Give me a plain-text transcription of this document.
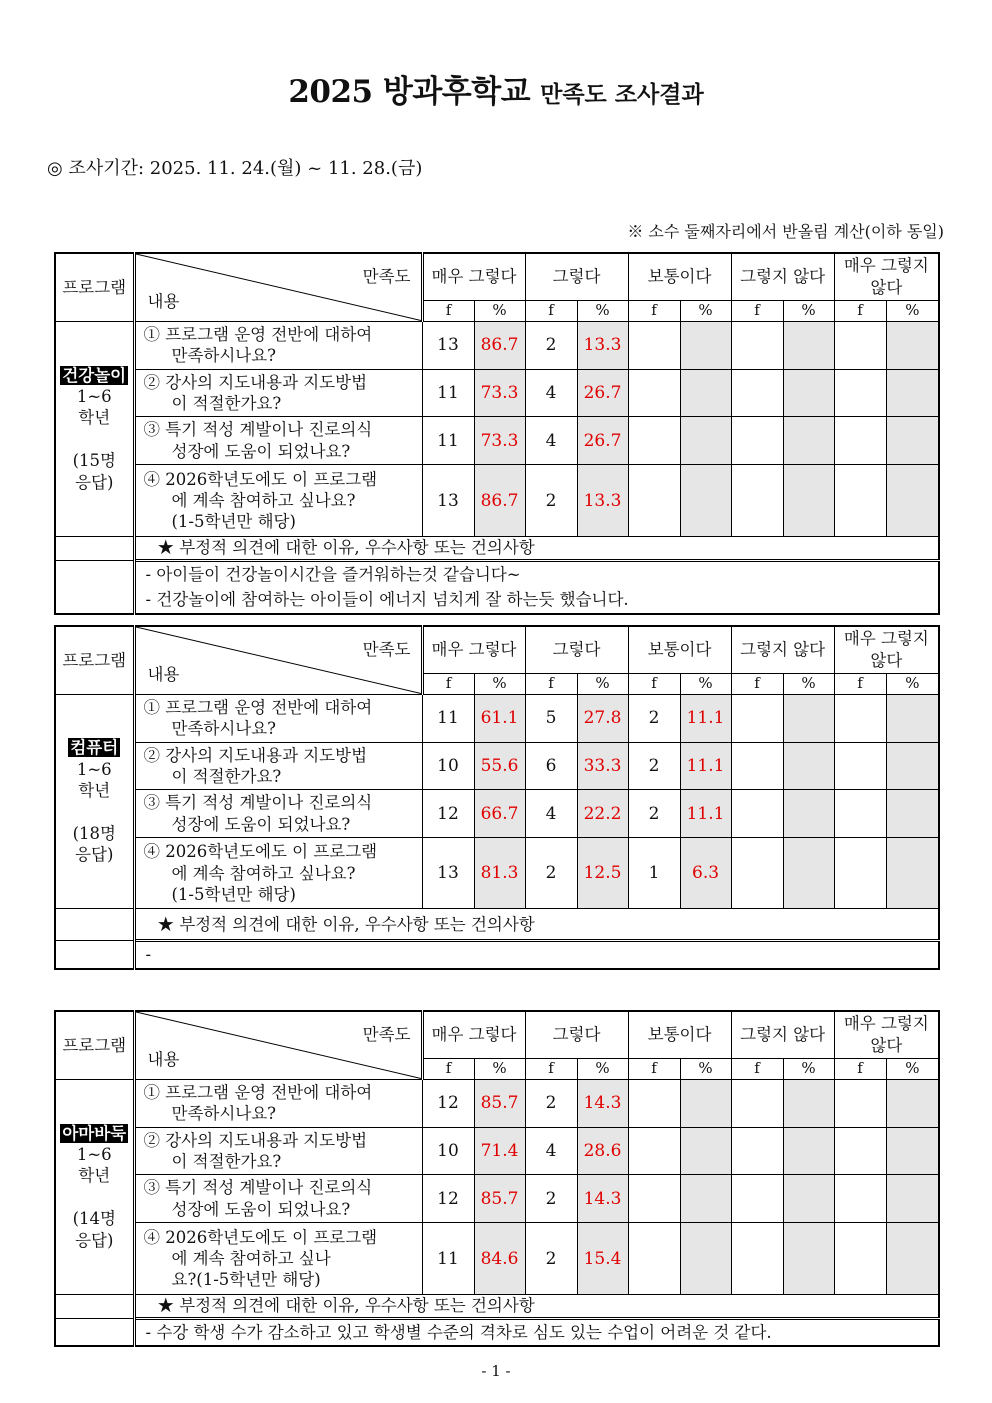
2025 방과후학교 만족도 조사결과
◎ 조사기간: 2025. 11. 24.(월) ~ 11. 28.(금)
※ 소수 둘째자리에서 반올림 계산(이하 동일)
프로그램	만족도
내용	매우 그렇다		그렇다		보통이다		그렇지 않다		매우 그렇지 않다	
		f	%	f	%	f	%	f	%	f	%
건강놀이
1~6
학년

(15명
응답)	① 프로그램 운영 전반에 대하여
만족하시나요?	13	86.7	2	13.3						

	② 강사의 지도내용과 지도방법
이 적절한가요?	11	73.3	4	26.7						

	③ 특기 적성 계발이나 진로의식
성장에 도움이 되었나요?	11	73.3	4	26.7						

	④ 2026학년도에도 이 프로그램
에 계속 참여하고 싶나요?
(1-5학년만 해당)	13	86.7	2	13.3						
	★ 부정적 의견에 대한 이유, 우수사항 또는 건의사항										

	- 아이들이 건강놀이시간을 즐거워하는것 같습니다~
- 건강놀이에 참여하는 아이들이 에너지 넘치게 잘 하는듯 했습니다.										
프로그램	만족도
내용	매우 그렇다		그렇다		보통이다		그렇지 않다		매우 그렇지 않다	
		f	%	f	%	f	%	f	%	f	%
컴퓨터
1~6
학년

(18명
응답)	① 프로그램 운영 전반에 대하여
만족하시나요?	11	61.1	5	27.8	2	11.1				

	② 강사의 지도내용과 지도방법
이 적절한가요?	10	55.6	6	33.3	2	11.1				

	③ 특기 적성 계발이나 진로의식
성장에 도움이 되었나요?	12	66.7	4	22.2	2	11.1				

	④ 2026학년도에도 이 프로그램
에 계속 참여하고 싶나요?
(1-5학년만 해당)	13	81.3	2	12.5	1	6.3				
	★ 부정적 의견에 대한 이유, 우수사항 또는 건의사항										

	-										
프로그램	만족도
내용	매우 그렇다		그렇다		보통이다		그렇지 않다		매우 그렇지 않다	
		f	%	f	%	f	%	f	%	f	%
아마바둑
1~6
학년

(14명
응답)	① 프로그램 운영 전반에 대하여
만족하시나요?	12	85.7	2	14.3						

	② 강사의 지도내용과 지도방법
이 적절한가요?	10	71.4	4	28.6						

	③ 특기 적성 계발이나 진로의식
성장에 도움이 되었나요?	12	85.7	2	14.3						

	④ 2026학년도에도 이 프로그램
에 계속 참여하고 싶나
요?(1-5학년만 해당)	11	84.6	2	15.4						
	★ 부정적 의견에 대한 이유, 우수사항 또는 건의사항										

	- 수강 학생 수가 감소하고 있고 학생별 수준의 격차로 심도 있는 수업이 어려운 것 같다.										
- 1 -
